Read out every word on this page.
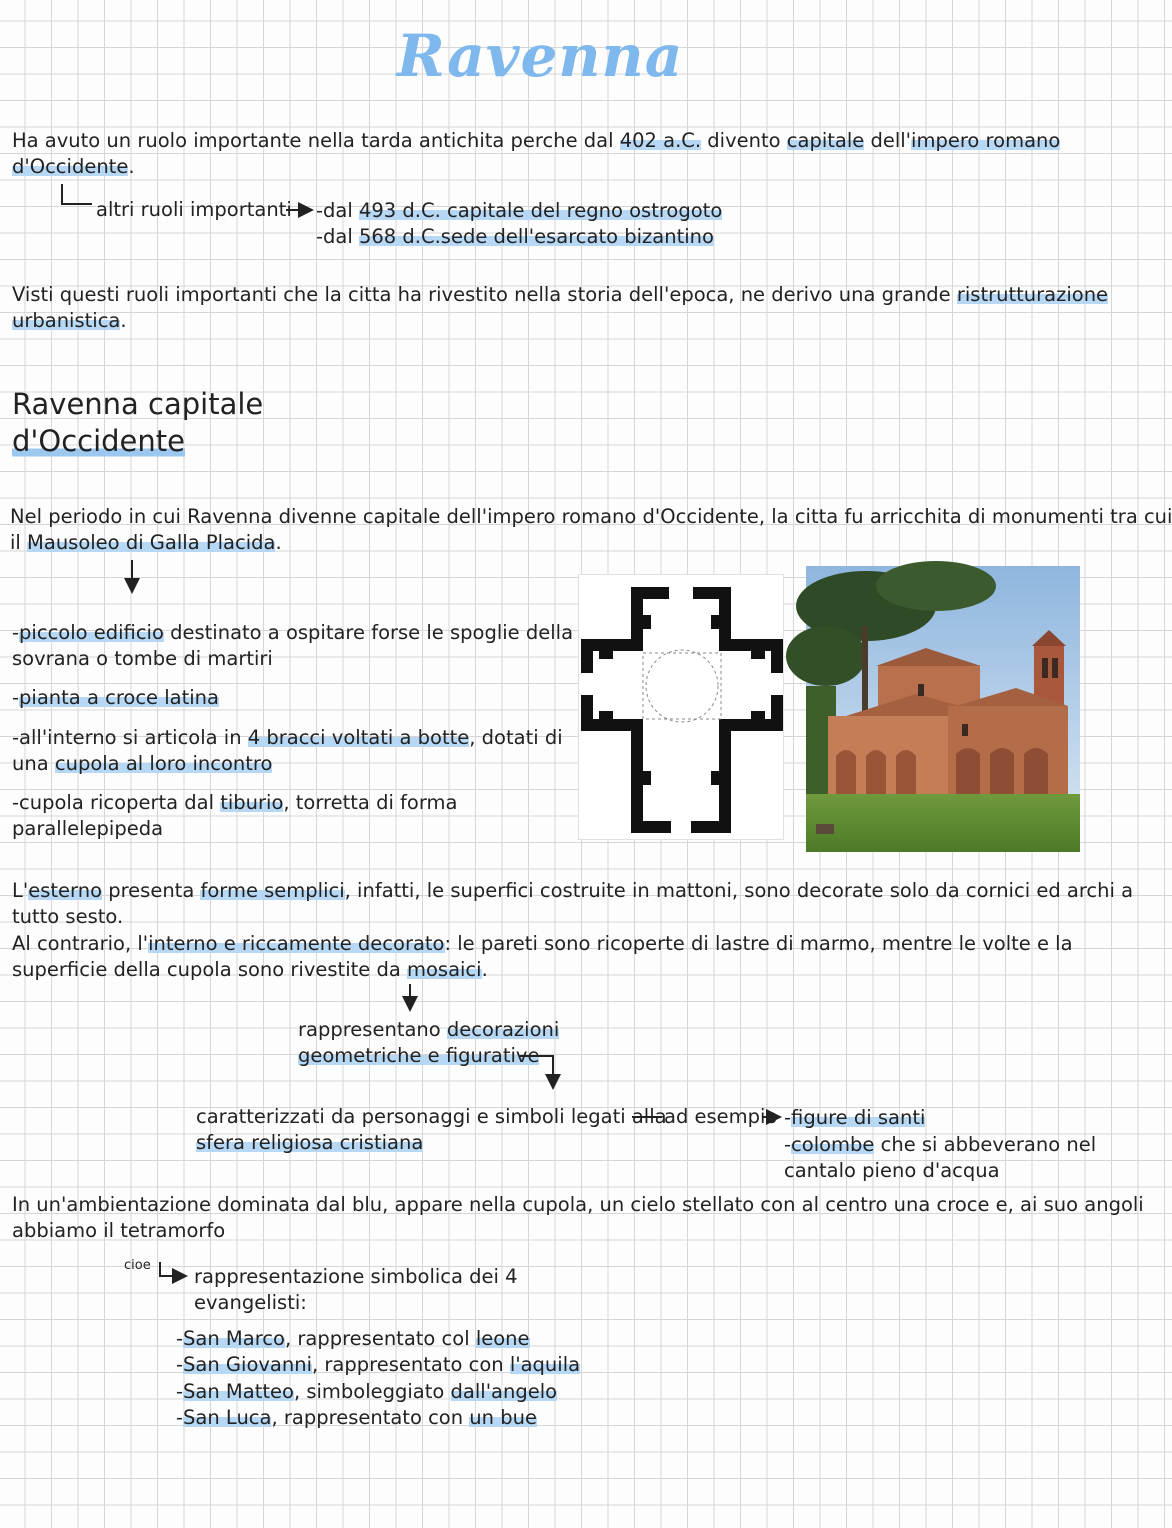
Ravenna
Ha avuto un ruolo importante nella tarda antichita perche dal 402 a.C. divento capitale dell'impero romano
d'Occidente.
altri ruoli importanti -dal 493 d.C. capitale del regno ostrogoto
-dal 568 d.C.sede dell'esarcato bizantino
Visti questi ruoli importanti che la citta ha rivestito nella storia dell'epoca, ne derivo una grande ristrutturazione
urbanistica.
Ravenna capitale
d'Occidente
Nel periodo in cui Ravenna divenne capitale dell'impero romano d'Occidente, la citta fu arricchita di monumenti tra cui
il Mausoleo di Galla Placida.
-piccolo edificio destinato a ospitare forse le spoglie della
sovrana o tombe di martiri
-pianta a croce latina
-all'interno si articola in 4 bracci voltati a botte, dotati di
una cupola al loro incontro
-cupola ricoperta dal tiburio, torretta di forma
parallelepipeda
L'esterno presenta forme semplici, infatti, le superfici costruite in mattoni, sono decorate solo da cornici ed archi a
tutto sesto.
Al contrario, l'interno e riccamente decorato: le pareti sono ricoperte di lastre di marmo, mentre le volte e la
superficie della cupola sono rivestite da mosaici.
rappresentano decorazioni
geometriche e figurative
caratterizzati da personaggi e simboli legati alla
sfera religiosa cristiana
ad esempio -figure di santi
-colombe che si abbeverano nel
cantalo pieno d'acqua
In un'ambientazione dominata dal blu, appare nella cupola, un cielo stellato con al centro una croce e, ai suo angoli
abbiamo il tetramorfo
cioe rappresentazione simbolica dei 4
evangelisti:
-San Marco, rappresentato col leone
-San Giovanni, rappresentato con l'aquila
-San Matteo, simboleggiato dall'angelo
-San Luca, rappresentato con un bue
